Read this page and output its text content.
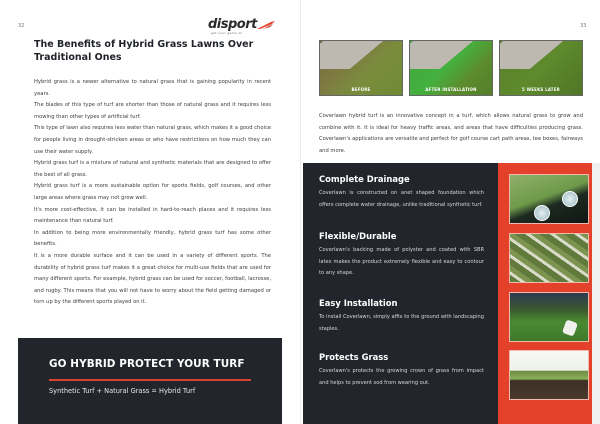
32	disport
get your game on
The Benefits of Hybrid Grass Lawns Over Traditional Ones

Hybrid grass is a newer alternative to natural grass that is gaining popularity in recent years.

The blades of this type of turf are shorter than those of natural grass and it requires less mowing than other types of artificial turf.

This type of lawn also requires less water than natural grass, which makes it a good choice for people living in drought-stricken areas or who have restrictions on how much they can use their water supply.

Hybrid grass turf is a mixture of natural and synthetic materials that are designed to offer the best of all grass.

Hybrid grass turf is a more sustainable option for sports fields, golf courses, and other large areas where grass may not grow well.

It's more cost-effective, it can be installed in hard-to-reach places and it requires less maintenance than natural turf.

In addition to being more environmentally friendly, hybrid grass turf has some other benefits.

It is a more durable surface and it can be used in a variety of different sports. The durability of hybrid grass turf makes it a great choice for multi-use fields that are used for many different sports. For example, hybrid grass can be used for soccer, football, lacrosse, and rugby. This means that you will not have to worry about the field getting damaged or torn up by the different sports played on it.

GO HYBRID PROTECT YOUR TURF
Synthetic Turf + Natural Grass = Hybrid Turf
33
BEFORE	AFTER INSTALLATION	5 WEEKS LATER

Coverlawn hybrid turf is an innovative concept in a turf, which allows natural grass to grow and combine with it. It is ideal for heavy traffic areas, and areas that have difficulties producing grass. Coverlawn's applications are versatile and perfect for golf course cart path areas, tee boxes, fairways and more.

Complete Drainage

Coverlawn is constructed on anet shaped foundation which offers complete water drainage, unlike traditional synthetic turf.

Flexible/Durable

Coverlawn's backing made of polyster and coated with SBR latex makes the product extremely flexible and easy to contour to any shape.

Easy Installation

To install Coverlawn, simply affix to the ground with landscaping staples.

Protects Grass

Coverlawn's protects the growing crown of grass from impact and helps to prevent sod from wearing out.
